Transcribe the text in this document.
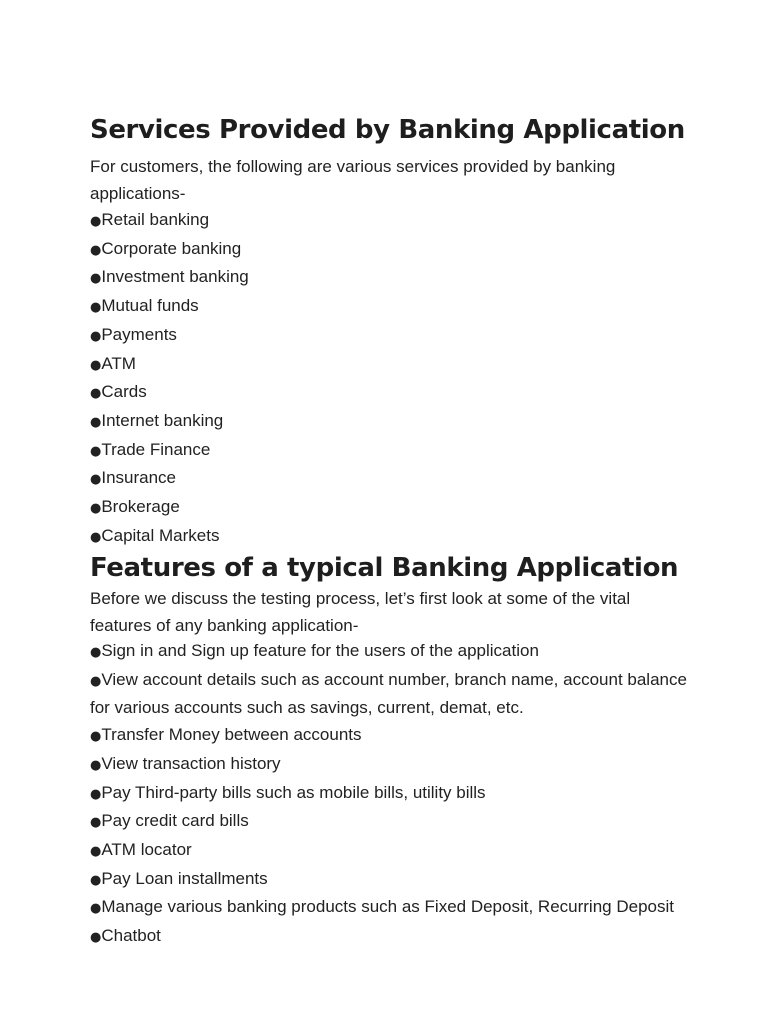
Services Provided by Banking Application

For customers, the following are various services provided by banking applications-

●Retail banking
●Corporate banking
●Investment banking
●Mutual funds
●Payments
●ATM
●Cards
●Internet banking
●Trade Finance
●Insurance
●Brokerage
●Capital Markets
Features of a typical Banking Application

Before we discuss the testing process, let’s first look at some of the vital features of any banking application-

●Sign in and Sign up feature for the users of the application
●View account details such as account number, branch name, account balance for various accounts such as savings, current, demat, etc.
●Transfer Money between accounts
●View transaction history
●Pay Third-party bills such as mobile bills, utility bills
●Pay credit card bills
●ATM locator
●Pay Loan installments
●Manage various banking products such as Fixed Deposit, Recurring Deposit
●Chatbot
